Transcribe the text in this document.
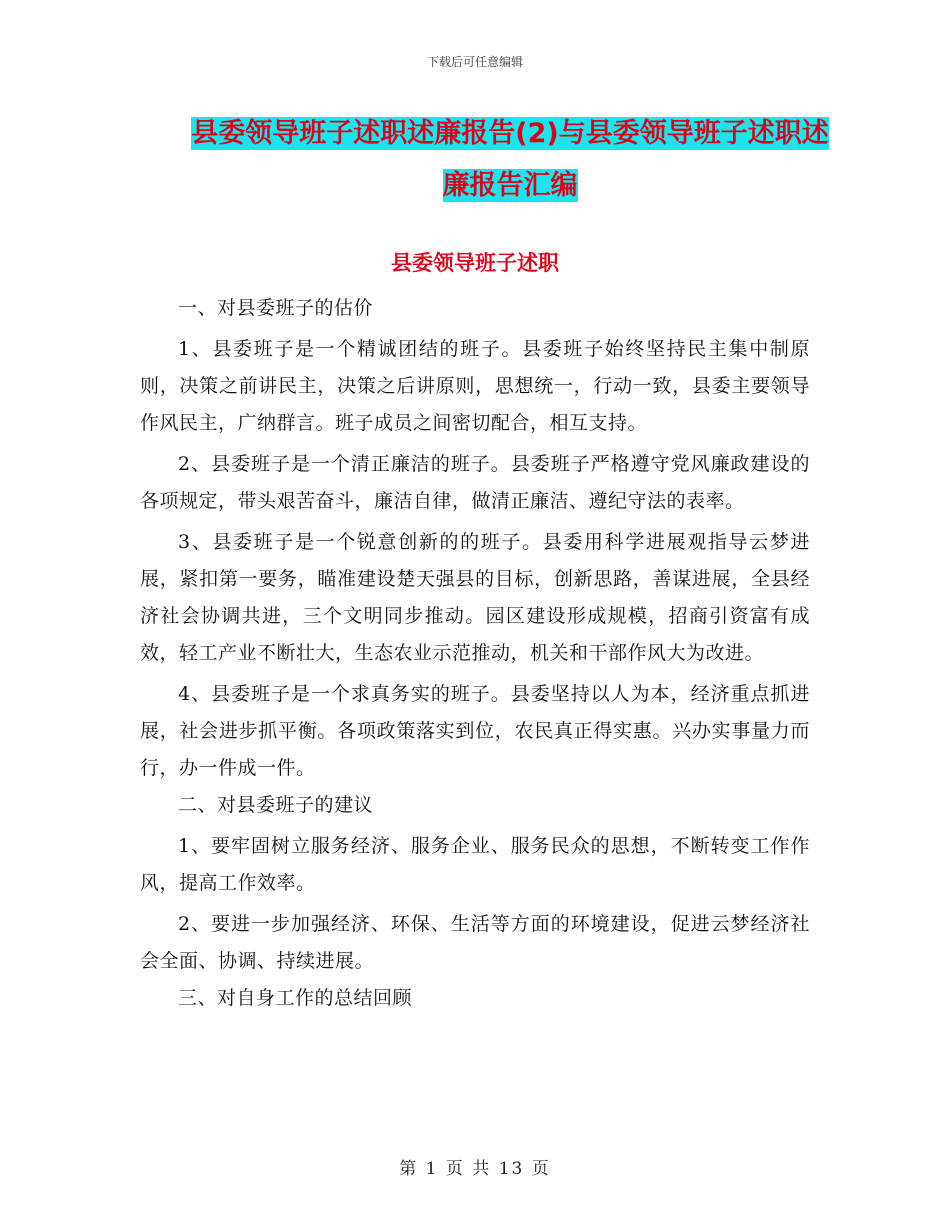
下载后可任意编辑
县委领导班子述职述廉报告(2)与县委领导班子述职述
廉报告汇编
县委领导班子述职

一、对县委班子的估价

1、县委班子是一个精诚团结的班子。县委班子始终坚持民主集中制原则，决策之前讲民主，决策之后讲原则，思想统一，行动一致，县委主要领导作风民主，广纳群言。班子成员之间密切配合，相互支持。

2、县委班子是一个清正廉洁的班子。县委班子严格遵守党风廉政建设的各项规定，带头艰苦奋斗，廉洁自律，做清正廉洁、遵纪守法的表率。

3、县委班子是一个锐意创新的的班子。县委用科学进展观指导云梦进展，紧扣第一要务，瞄准建设楚天强县的目标，创新思路，善谋进展，全县经济社会协调共进，三个文明同步推动。园区建设形成规模，招商引资富有成效，轻工产业不断壮大，生态农业示范推动，机关和干部作风大为改进。

4、县委班子是一个求真务实的班子。县委坚持以人为本，经济重点抓进展，社会进步抓平衡。各项政策落实到位，农民真正得实惠。兴办实事量力而行，办一件成一件。

二、对县委班子的建议

1、要牢固树立服务经济、服务企业、服务民众的思想，不断转变工作作风，提高工作效率。

2、要进一步加强经济、环保、生活等方面的环境建设，促进云梦经济社会全面、协调、持续进展。

三、对自身工作的总结回顾

第 1 页 共 13 页
